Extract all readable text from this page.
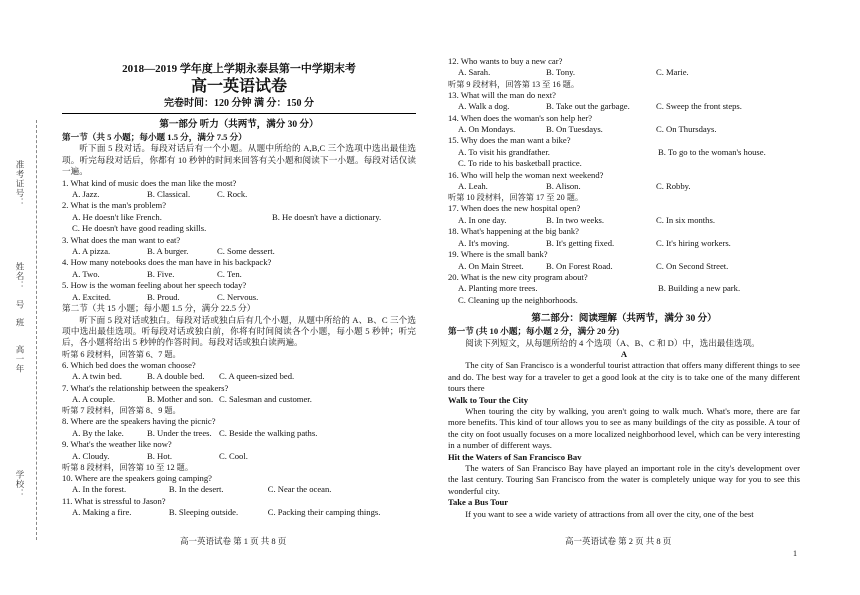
准考证号：
姓名：
号
班
高一年
学校：
2018—2019 学年度上学期永泰县第一中学期末考
高一英语试卷
完卷时间：120 分钟 满 分：150 分
第一部分 听力（共两节，满分 30 分）
第一节（共 5 小题；每小题 1.5 分，满分 7.5 分）
听下面 5 段对话。每段对话后有一个小题。从题中所给的 A,B,C 三个选项中选出最佳选项。听完每段对话后，你都有 10 秒钟的时间来回答有关小题和阅读下一小题。每段对话仅读一遍。
1. What kind of music does the man like the most?
A. Jazz.	B. Classical.	C. Rock.
2. What is the man's problem?
A. He doesn't like French.	B. He doesn't have a dictionary.
C. He doesn't have good reading skills.
3. What does the man want to eat?
A. A pizza.	B. A burger.	C. Some dessert.
4. How many notebooks does the man have in his backpack?
A. Two.	B. Five.	C. Ten.
5. How is the woman feeling about her speech today?
A. Excited.	B. Proud.	C. Nervous.
第二节（共 15 小题；每小题 1.5 分，满分 22.5 分）
听下面 5 段对话或独白。每段对话或独白后有几个小题，从题中所给的 A、B、C 三个选项中选出最佳选项。听每段对话或独白前，你将有时间阅读各个小题，每小题 5 秒钟；听完后，各小题将给出 5 秒钟的作答时间。每段对话或独白读两遍。
听第 6 段材料，回答第 6、7 题。
6. Which bed does the woman choose?
A. A twin bed.	B. A double bed.	C. A queen-sized bed.
7. What's the relationship between the speakers?
A. A couple.	B. Mother and son. C. Salesman and customer.
听第 7 段材料，回答第 8、9 题。
8. Where are the speakers having the picnic?
A. By the lake.	B. Under the trees. C. Beside the walking paths.
9. What's the weather like now?
A. Cloudy.	B. Hot.	C. Cool.
听第 8 段材料，回答第 10 至 12 题。
10. Where are the speakers going camping?
A. In the forest.	B. In the desert.	C. Near the ocean.
11. What is stressful to Jason?
A. Making a fire.	B. Sleeping outside.	C. Packing their camping things.
12. Who wants to buy a new car?
A. Sarah.	B. Tony.	C. Marie.
听第 9 段材料，回答第 13 至 16 题。
13. What will the man do next?
A. Walk a dog.	B. Take out the garbage.	C. Sweep the front steps.
14. When does the woman's son help her?
A. On Mondays.	B. On Tuesdays.	C. On Thursdays.
15. Why does the man want a bike?
A. To visit his grandfather.	B. To go to the woman's house.
C. To ride to his basketball practice.
16. Who will help the woman next weekend?
A. Leah.	B. Alison.	C. Robby.
听第 10 段材料，回答第 17 至 20 题。
17. When does the new hospital open?
A. In one day.	B. In two weeks.	C. In six months.
18. What's happening at the big bank?
A. It's moving.	B. It's getting fixed.	C. It's hiring workers.
19. Where is the small bank?
A. On Main Street.	B. On Forest Road.	C. On Second Street.
20. What is the new city program about?
A. Planting more trees.	B. Building a new park.
C. Cleaning up the neighborhoods.
第二部分：阅读理解（共两节，满分 30 分）
第一节 (共 10 小题；每小题 2 分，满分 20 分)
阅读下列短文，从每题所给的 4 个选项（A、B、C 和 D）中，选出最佳选项。
A
The city of San Francisco is a wonderful tourist attraction that offers many different things to see and do. The best way for a traveler to get a good look at the city is to take one of the many different tours there
Walk to Tour the City
When touring the city by walking, you aren't going to walk much. What's more, there are far more benefits. This kind of tour allows you to see as many buildings of the city as possible. A tour of the city on foot usually focuses on a more localized neighborhood level, which can be very interesting in a number of different ways.
Hit the Waters of San Francisco Bav
The waters of San Francisco Bay have played an important role in the city's development over the last century. Touring San Francisco from the water is completely unique way for you to see this wonderful city.
Take a Bus Tour
If you want to see a wide variety of attractions from all over the city, one of the best
高一英语试卷 第 1 页 共 8 页	高一英语试卷 第 2 页 共 8 页
1
